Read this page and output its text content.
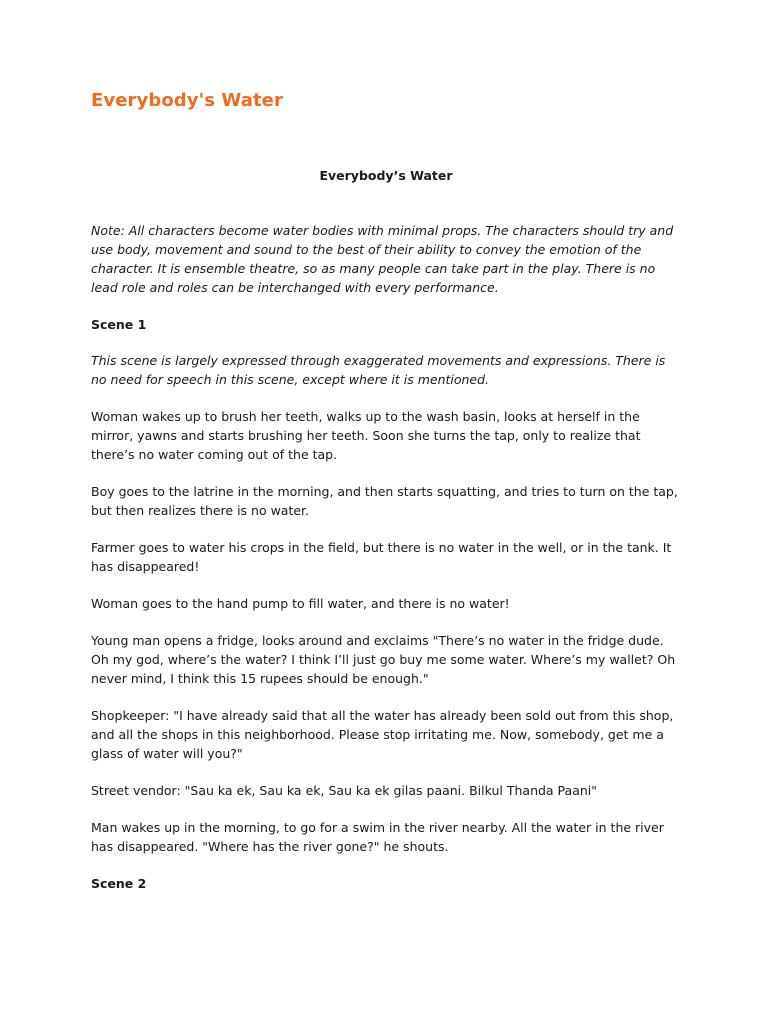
Everybody's Water

Everybody’s Water

Note: All characters become water bodies with minimal props. The characters should try and use body, movement and sound to the best of their ability to convey the emotion of the character. It is ensemble theatre, so as many people can take part in the play. There is no lead role and roles can be interchanged with every performance.

Scene 1

This scene is largely expressed through exaggerated movements and expressions. There is no need for speech in this scene, except where it is mentioned.

Woman wakes up to brush her teeth, walks up to the wash basin, looks at herself in the mirror, yawns and starts brushing her teeth. Soon she turns the tap, only to realize that there’s no water coming out of the tap.

Boy goes to the latrine in the morning, and then starts squatting, and tries to turn on the tap, but then realizes there is no water.

Farmer goes to water his crops in the field, but there is no water in the well, or in the tank. It has disappeared!

Woman goes to the hand pump to fill water, and there is no water!

Young man opens a fridge, looks around and exclaims "There’s no water in the fridge dude. Oh my god, where’s the water? I think I’ll just go buy me some water. Where’s my wallet? Oh never mind, I think this 15 rupees should be enough."

Shopkeeper: "I have already said that all the water has already been sold out from this shop, and all the shops in this neighborhood. Please stop irritating me. Now, somebody, get me a glass of water will you?"

Street vendor: "Sau ka ek, Sau ka ek, Sau ka ek gilas paani. Bilkul Thanda Paani"

Man wakes up in the morning, to go for a swim in the river nearby. All the water in the river has disappeared. "Where has the river gone?" he shouts.

Scene 2
